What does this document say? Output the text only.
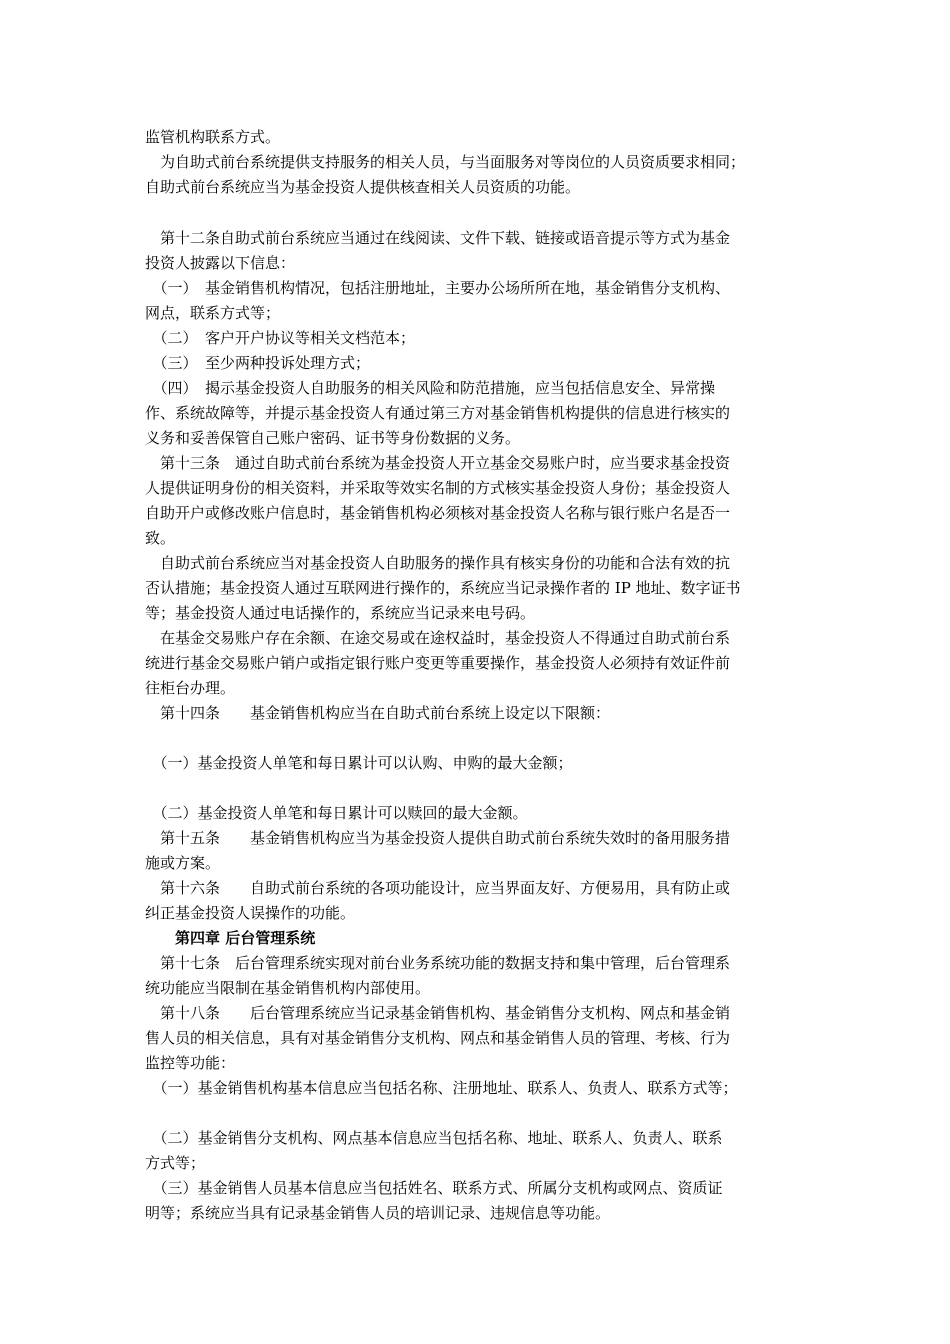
监管机构联系方式。

　为自助式前台系统提供支持服务的相关人员，与当面服务对等岗位的人员资质要求相同；

自助式前台系统应当为基金投资人提供核查相关人员资质的功能。

　第十二条自助式前台系统应当通过在线阅读、文件下载、链接或语音提示等方式为基金

投资人披露以下信息：

　（一）　基金销售机构情况，包括注册地址，主要办公场所所在地，基金销售分支机构、

网点，联系方式等；

　（二）　客户开户协议等相关文档范本；

　（三）　至少两种投诉处理方式；

　（四）　揭示基金投资人自助服务的相关风险和防范措施，应当包括信息安全、异常操

作、系统故障等，并提示基金投资人有通过第三方对基金销售机构提供的信息进行核实的

义务和妥善保管自己账户密码、证书等身份数据的义务。

　第十三条　通过自助式前台系统为基金投资人开立基金交易账户时，应当要求基金投资

人提供证明身份的相关资料，并采取等效实名制的方式核实基金投资人身份；基金投资人

自助开户或修改账户信息时，基金销售机构必须核对基金投资人名称与银行账户名是否一

致。

　自助式前台系统应当对基金投资人自助服务的操作具有核实身份的功能和合法有效的抗

否认措施；基金投资人通过互联网进行操作的，系统应当记录操作者的 IP 地址、数字证书

等；基金投资人通过电话操作的，系统应当记录来电号码。

　在基金交易账户存在余额、在途交易或在途权益时，基金投资人不得通过自助式前台系

统进行基金交易账户销户或指定银行账户变更等重要操作，基金投资人必须持有效证件前

往柜台办理。

　第十四条　　基金销售机构应当在自助式前台系统上设定以下限额：

　（一）基金投资人单笔和每日累计可以认购、申购的最大金额；

　（二）基金投资人单笔和每日累计可以赎回的最大金额。

　第十五条　　基金销售机构应当为基金投资人提供自助式前台系统失效时的备用服务措

施或方案。

　第十六条　　自助式前台系统的各项功能设计，应当界面友好、方便易用，具有防止或

纠正基金投资人误操作的功能。

　　第四章 后台管理系统

　第十七条　后台管理系统实现对前台业务系统功能的数据支持和集中管理，后台管理系

统功能应当限制在基金销售机构内部使用。

　第十八条　　后台管理系统应当记录基金销售机构、基金销售分支机构、网点和基金销

售人员的相关信息，具有对基金销售分支机构、网点和基金销售人员的管理、考核、行为

监控等功能：

　（一）基金销售机构基本信息应当包括名称、注册地址、联系人、负责人、联系方式等；

　（二）基金销售分支机构、网点基本信息应当包括名称、地址、联系人、负责人、联系

方式等；

　（三）基金销售人员基本信息应当包括姓名、联系方式、所属分支机构或网点、资质证

明等；系统应当具有记录基金销售人员的培训记录、违规信息等功能。
